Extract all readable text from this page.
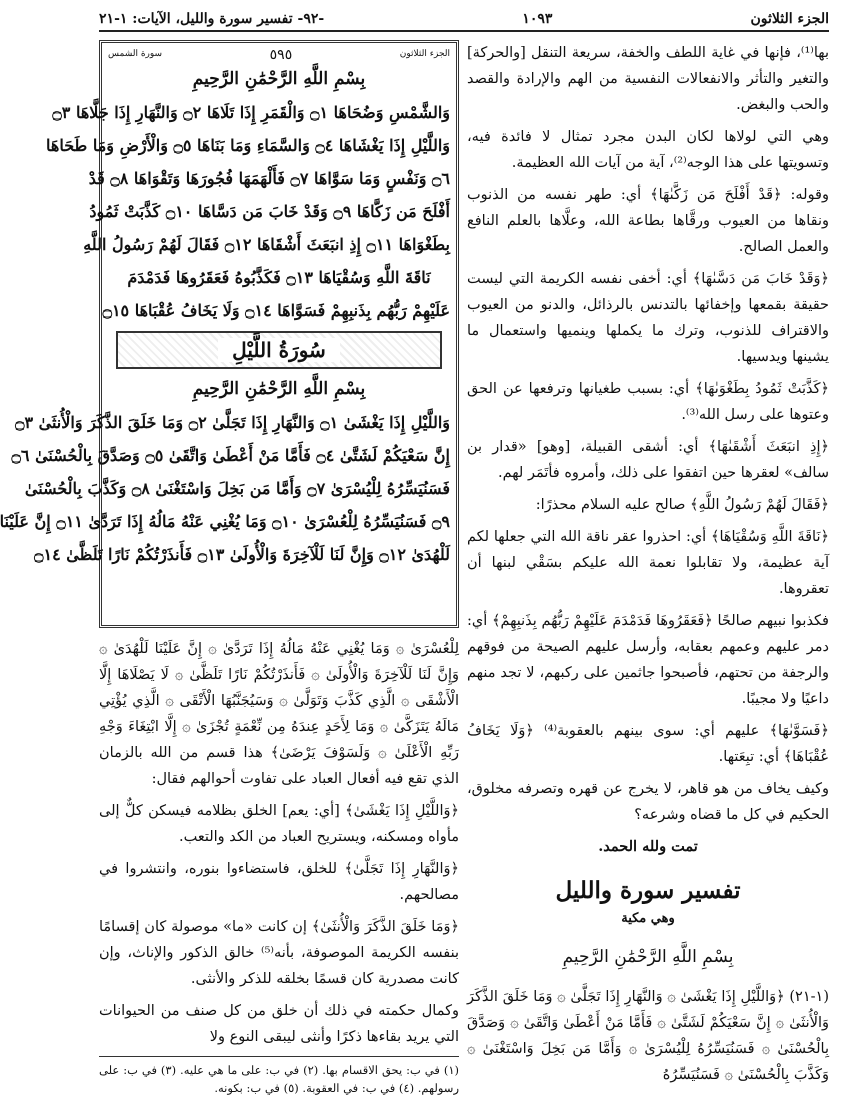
الجزء الثلاثون
١٠٩٣
-٩٢- تفسير سورة والليل، الآيات: ١-٢١

بها⁽¹⁾، فإنها في غاية اللطف والخفة، سريعة التنقل [والحركة] والتغير والتأثر والانفعالات النفسية من الهم والإرادة والقصد والحب والبغض.

وهي التي لولاها لكان البدن مجرد تمثال لا فائدة فيه، وتسويتها على هذا الوجه⁽²⁾، آية من آيات الله العظيمة.

وقوله: ﴿قَدْ أَفْلَحَ مَن زَكَّىٰهَا﴾ أي: طهر نفسه من الذنوب ونقاها من العيوب ورقَّاها بطاعة الله، وعلَّاها بالعلم النافع والعمل الصالح.

﴿وَقَدْ خَابَ مَن دَسَّىٰهَا﴾ أي: أخفى نفسه الكريمة التي ليست حقيقة بقمعها وإخفائها بالتدنس بالرذائل، والدنو من العيوب والاقتراف للذنوب، وترك ما يكملها وينميها واستعمال ما يشينها ويدسيها.

﴿كَذَّبَتْ ثَمُودُ بِطَغْوَىٰهَا﴾ أي: بسبب طغيانها وترفعها عن الحق وعتوها على رسل الله⁽³⁾.

﴿إِذِ انبَعَثَ أَشْقَىٰهَا﴾ أي: أشقى القبيلة، [وهو] «قدار بن سالف» لعقرها حين اتفقوا على ذلك، وأمروه فأتَمَر لهم.

﴿فَقَالَ لَهُمْ رَسُولُ اللَّهِ﴾ صالح عليه السلام محذرًا:

﴿نَاقَةَ اللَّهِ وَسُقْيَاهَا﴾ أي: احذروا عقر ناقة الله التي جعلها لكم آية عظيمة، ولا تقابلوا نعمة الله عليكم بسَقْي لبنها أن تعقروها.

فكذبوا نبيهم صالحًا ﴿فَعَقَرُوهَا فَدَمْدَمَ عَلَيْهِمْ رَبُّهُم بِذَنبِهِمْ﴾ أي: دمر عليهم وعمهم بعقابه، وأرسل عليهم الصيحة من فوقهم والرجفة من تحتهم، فأصبحوا جاثمين على ركبهم، لا تجد منهم داعيًا ولا مجيبًا.

﴿فَسَوَّىٰهَا﴾ عليهم أي: سوى بينهم بالعقوبة⁽⁴⁾ ﴿وَلَا يَخَافُ عُقْبَاهَا﴾ أي: تبِعَتها.

وكيف يخاف من هو قاهر، لا يخرج عن قهره وتصرفه مخلوق، الحكيم في كل ما قضاه وشرعه؟

تمت ولله الحمد.

تفسير سورة والليل
وهي مكية
بِسْمِ اللَّهِ الرَّحْمَٰنِ الرَّحِيمِ

(١-٢١) ﴿وَاللَّيْلِ إِذَا يَغْشَىٰ ۞ وَالنَّهَارِ إِذَا تَجَلَّىٰ ۞ وَمَا خَلَقَ الذَّكَرَ وَالْأُنثَىٰ ۞ إِنَّ سَعْيَكُمْ لَشَتَّىٰ ۞ فَأَمَّا مَنْ أَعْطَىٰ وَاتَّقَىٰ ۞ وَصَدَّقَ بِالْحُسْنَىٰ ۞ فَسَنُيَسِّرُهُ لِلْيُسْرَىٰ ۞ وَأَمَّا مَن بَخِلَ وَاسْتَغْنَىٰ ۞ وَكَذَّبَ بِالْحُسْنَىٰ ۞ فَسَنُيَسِّرُهُ

الجزء الثلاثون
٥٩٥
سورة الشمس
بِسْمِ اللَّهِ الرَّحْمَٰنِ الرَّحِيمِ
وَالشَّمْسِ وَضُحَاهَا ۝١ وَالْقَمَرِ إِذَا تَلَاهَا ۝٢ وَالنَّهَارِ إِذَا جَلَّاهَا ۝٣
وَاللَّيْلِ إِذَا يَغْشَاهَا ۝٤ وَالسَّمَاءِ وَمَا بَنَاهَا ۝٥ وَالْأَرْضِ وَمَا طَحَاهَا
۝٦ وَنَفْسٍ وَمَا سَوَّاهَا ۝٧ فَأَلْهَمَهَا فُجُورَهَا وَتَقْوَاهَا ۝٨ قَدْ
أَفْلَحَ مَن زَكَّاهَا ۝٩ وَقَدْ خَابَ مَن دَسَّاهَا ۝١٠ كَذَّبَتْ ثَمُودُ
بِطَغْوَاهَا ۝١١ إِذِ انبَعَثَ أَشْقَاهَا ۝١٢ فَقَالَ لَهُمْ رَسُولُ اللَّهِ
نَاقَةَ اللَّهِ وَسُقْيَاهَا ۝١٣ فَكَذَّبُوهُ فَعَقَرُوهَا فَدَمْدَمَ
عَلَيْهِمْ رَبُّهُم بِذَنبِهِمْ فَسَوَّاهَا ۝١٤ وَلَا يَخَافُ عُقْبَاهَا ۝١٥
سُورَةُ اللَّيْلِ
بِسْمِ اللَّهِ الرَّحْمَٰنِ الرَّحِيمِ
وَاللَّيْلِ إِذَا يَغْشَىٰ ۝١ وَالنَّهَارِ إِذَا تَجَلَّىٰ ۝٢ وَمَا خَلَقَ الذَّكَرَ وَالْأُنثَىٰ ۝٣
إِنَّ سَعْيَكُمْ لَشَتَّىٰ ۝٤ فَأَمَّا مَنْ أَعْطَىٰ وَاتَّقَىٰ ۝٥ وَصَدَّقَ بِالْحُسْنَىٰ ۝٦
فَسَنُيَسِّرُهُ لِلْيُسْرَىٰ ۝٧ وَأَمَّا مَن بَخِلَ وَاسْتَغْنَىٰ ۝٨ وَكَذَّبَ بِالْحُسْنَىٰ
۝٩ فَسَنُيَسِّرُهُ لِلْعُسْرَىٰ ۝١٠ وَمَا يُغْنِي عَنْهُ مَالُهُ إِذَا تَرَدَّىٰ ۝١١ إِنَّ عَلَيْنَا
لَلْهُدَىٰ ۝١٢ وَإِنَّ لَنَا لَلْآخِرَةَ وَالْأُولَىٰ ۝١٣ فَأَنذَرْتُكُمْ نَارًا تَلَظَّىٰ ۝١٤

لِلْعُسْرَىٰ ۞ وَمَا يُغْنِي عَنْهُ مَالُهُ إِذَا تَرَدَّىٰ ۞ إِنَّ عَلَيْنَا لَلْهُدَىٰ ۞ وَإِنَّ لَنَا لَلْآخِرَةَ وَالْأُولَىٰ ۞ فَأَنذَرْتُكُمْ نَارًا تَلَظَّىٰ ۞ لَا يَصْلَاهَا إِلَّا الْأَشْقَى ۞ الَّذِي كَذَّبَ وَتَوَلَّىٰ ۞ وَسَيُجَنَّبُهَا الْأَتْقَى ۞ الَّذِي يُؤْتِي مَالَهُ يَتَزَكَّىٰ ۞ وَمَا لِأَحَدٍ عِندَهُ مِن نِّعْمَةٍ تُجْزَىٰ ۞ إِلَّا ابْتِغَاءَ وَجْهِ رَبِّهِ الْأَعْلَىٰ ۞ وَلَسَوْفَ يَرْضَىٰ﴾ هذا قسم من الله بالزمان الذي تقع فيه أفعال العباد على تفاوت أحوالهم فقال:

﴿وَاللَّيْلِ إِذَا يَغْشَىٰ﴾ [أي: يعم] الخلق بظلامه فيسكن كلٌّ إلى مأواه ومسكنه، ويستريح العباد من الكد والتعب.

﴿وَالنَّهَارِ إِذَا تَجَلَّىٰ﴾ للخلق، فاستضاءوا بنوره، وانتشروا في مصالحهم.

﴿وَمَا خَلَقَ الذَّكَرَ وَالْأُنثَىٰ﴾ إن كانت «ما» موصولة كان إقسامًا بنفسه الكريمة الموصوفة، بأنه⁽⁵⁾ خالق الذكور والإناث، وإن كانت مصدرية كان قسمًا بخلقه للذكر والأنثى.

وكمال حكمته في ذلك أن خلق من كل صنف من الحيوانات التي يريد بقاءها ذكرًا وأنثى ليبقى النوع ولا

(١) في ب: يحق الاقسام بها. (٢) في ب: على ما هي عليه. (٣) في ب: على رسولهم. (٤) في ب: في العقوبة. (٥) في ب: بكونه.
